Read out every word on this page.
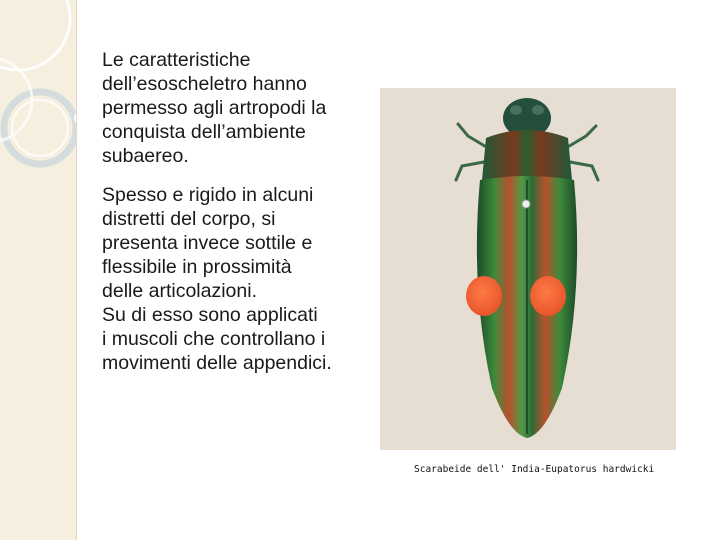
Le caratteristiche dell’esoscheletro hanno permesso agli artropodi la conquista dell’ambiente subaereo.

Spesso e rigido in alcuni
distretti del corpo, si
presenta invece sottile e
flessibile in prossimità
delle articolazioni.
Su di esso sono applicati
i muscoli che controllano i
movimenti delle appendici.
Scarabeide dell' India-Eupatorus hardwicki
